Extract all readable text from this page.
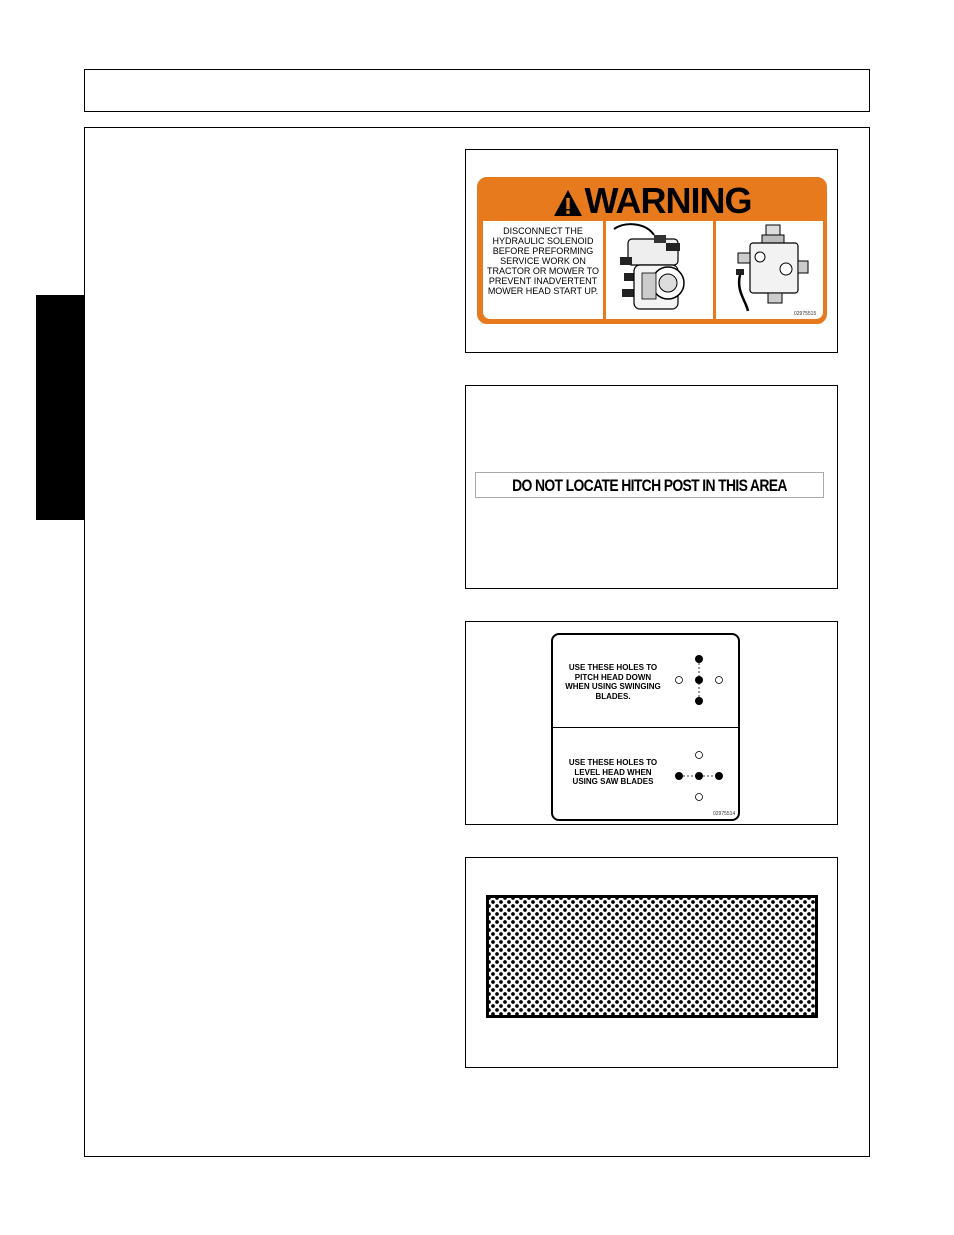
WARNING
DISCONNECT THE HYDRAULIC SOLENOID BEFORE PREFORMING SERVICE WORK ON TRACTOR OR MOWER TO PREVENT INADVERTENT MOWER HEAD START UP.
02975515
DO NOT LOCATE HITCH POST IN THIS AREA
USE THESE HOLES TO PITCH HEAD DOWN WHEN USING SWINGING BLADES.
USE THESE HOLES TO LEVEL HEAD WHEN USING SAW BLADES
02975514
